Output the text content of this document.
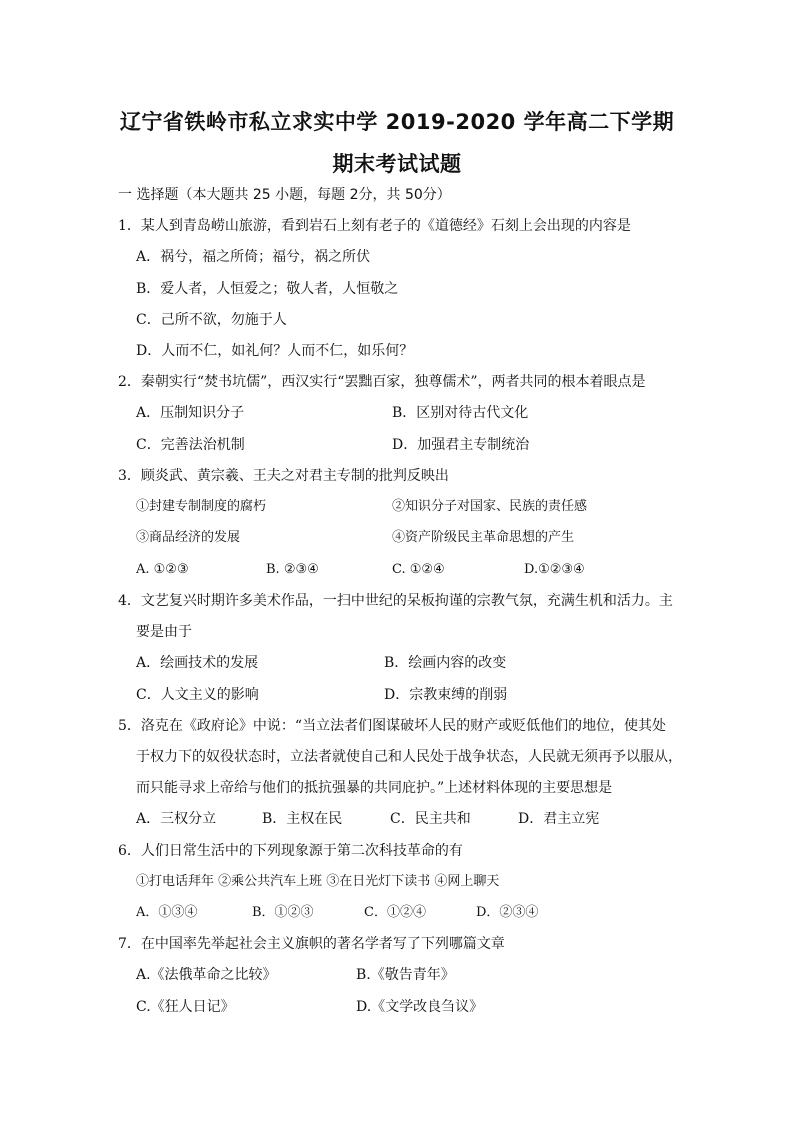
辽宁省铁岭市私立求实中学 2019-2020 学年高二下学期
期末考试试题
一 选择题（本大题共 25 小题，每题 2分，共 50分）
1．某人到青岛崂山旅游，看到岩石上刻有老子的《道德经》石刻上会出现的内容是
A．祸兮，福之所倚；福兮，祸之所伏
B．爱人者，人恒爱之；敬人者，人恒敬之
C．己所不欲，勿施于人
D．人而不仁，如礼何？人而不仁，如乐何？
2．秦朝实行“焚书坑儒”，西汉实行“罢黜百家，独尊儒术”，两者共同的根本着眼点是
A．压制知识分子	B．区别对待古代文化
C．完善法治机制	D．加强君主专制统治
3．顾炎武、黄宗羲、王夫之对君主专制的批判反映出
①封建专制制度的腐朽	②知识分子对国家、民族的责任感
③商品经济的发展	④资产阶级民主革命思想的产生
A. ①②③	B. ②③④	C. ①②④	D.①②③④
4．文艺复兴时期许多美术作品，一扫中世纪的呆板拘谨的宗教气氛，充满生机和活力。主
要是由于
A．绘画技术的发展	B．绘画内容的改变
C．人文主义的影响	D．宗教束缚的削弱
5．洛克在《政府论》中说：“当立法者们图谋破坏人民的财产或贬低他们的地位，使其处
于权力下的奴役状态时，立法者就使自己和人民处于战争状态，人民就无须再予以服从，
而只能寻求上帝给与他们的抵抗强暴的共同庇护。”上述材料体现的主要思想是
A．三权分立	B．主权在民	C．民主共和	D．君主立宪
6．人们日常生活中的下列现象源于第二次科技革命的有
①打电话拜年 ②乘公共汽车上班 ③在日光灯下读书 ④网上聊天
A．①③④	B．①②③	C．①②④	D．②③④
7．在中国率先举起社会主义旗帜的著名学者写了下列哪篇文章
A.《法俄革命之比较》	B.《敬告青年》
C.《狂人日记》	D.《文学改良刍议》
